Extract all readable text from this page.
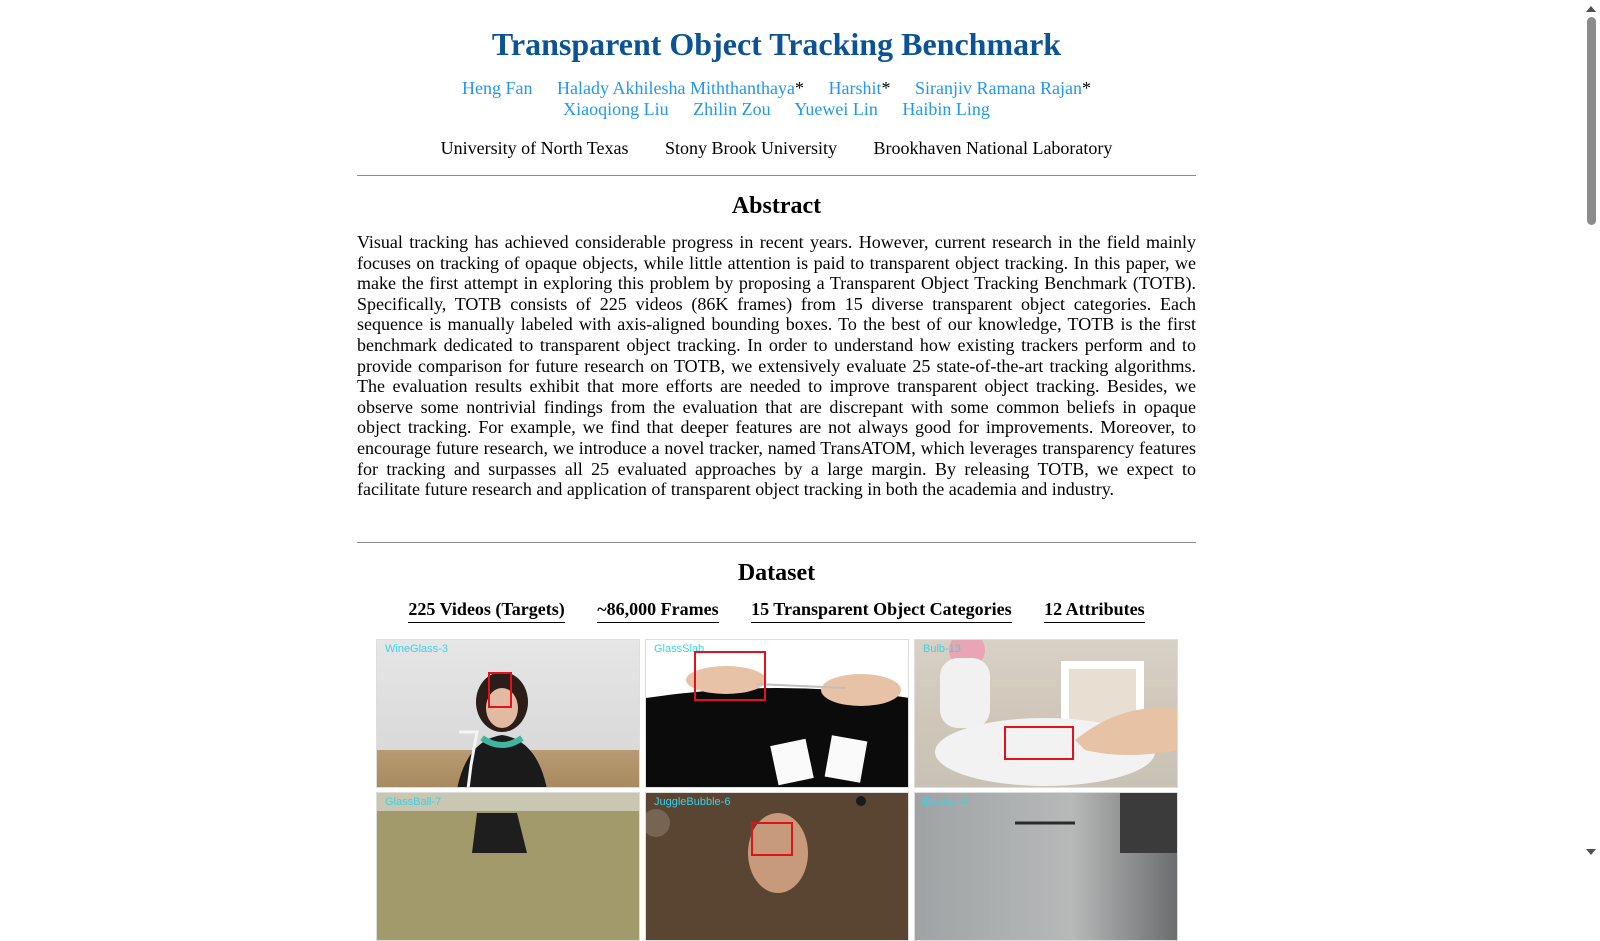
Transparent Object Tracking Benchmark
Heng Fan Halady Akhilesha Miththanthaya* Harshit* Siranjiv Ramana Rajan*
Xiaoqiong Liu Zhilin Zou Yuewei Lin Haibin Ling
University of North Texas Stony Brook University Brookhaven National Laboratory
Abstract

Visual tracking has achieved considerable progress in recent years. However, current research in the field mainly focuses on tracking of opaque objects, while little attention is paid to transparent object tracking. In this paper, we make the first attempt in exploring this problem by proposing a Transparent Object Tracking Benchmark (TOTB). Specifically, TOTB consists of 225 videos (86K frames) from 15 diverse transparent object categories. Each sequence is manually labeled with axis-aligned bounding boxes. To the best of our knowledge, TOTB is the first benchmark dedicated to transparent object tracking. In order to understand how existing trackers perform and to provide comparison for future research on TOTB, we extensively evaluate 25 state-of-the-art tracking algorithms. The evaluation results exhibit that more efforts are needed to improve transparent object tracking. Besides, we observe some nontrivial findings from the evaluation that are discrepant with some common beliefs in opaque object tracking. For example, we find that deeper features are not always good for improvements. Moreover, to encourage future research, we introduce a novel tracker, named TransATOM, which leverages transparency features for tracking and surpasses all 25 evaluated approaches by a large margin. By releasing TOTB, we expect to facilitate future research and application of transparent object tracking in both the academia and industry.

Dataset
225 Videos (Targets) ~86,000 Frames 15 Transparent Object Categories 12 Attributes
WineGlass-3	GlassSlab	Bulb-13
GlassBall-7	JuggleBubble-6	Beaker-4
